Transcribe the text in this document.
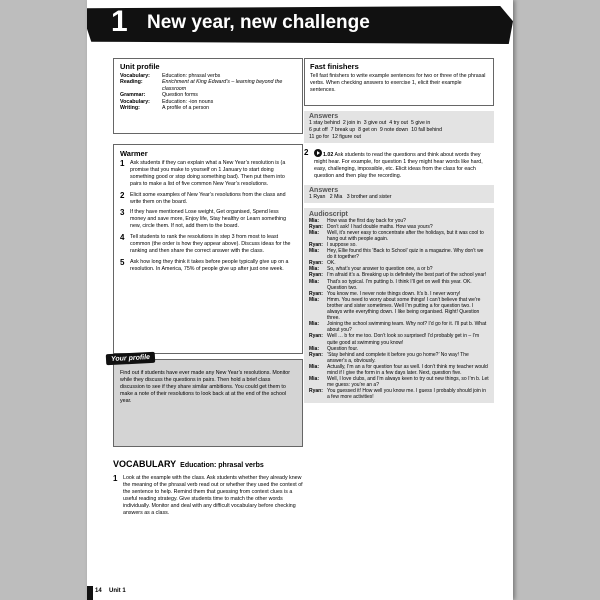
1 New year, new challenge
Unit profile
Vocabulary:	Education: phrasal verbs
Reading:	Enrichment at King Edward’s – learning beyond the classroom
Grammar:	Question forms
Vocabulary:	Education: -ion nouns
Writing:	A profile of a person
Warmer
1	Ask students if they can explain what a New Year’s resolution is (a promise that you make to yourself on 1 January to start doing something good or stop doing something bad). Then put them into pairs to make a list of five common New Year’s resolutions.
2	Elicit some examples of New Year’s resolutions from the class and write them on the board.
3	If they have mentioned Lose weight, Get organised, Spend less money and save more, Enjoy life, Stay healthy or Learn something new, circle them. If not, add them to the board.
4	Tell students to rank the resolutions in step 3 from most to least common (the order is how they appear above). Discuss ideas for the ranking and then share the correct answer with the class.
5	Ask how long they think it takes before people typically give up on a resolution. In America, 75% of people give up after just one week.
Your profile
Find out if students have ever made any New Year’s resolutions. Monitor while they discuss the questions in pairs. Then hold a brief class discussion to see if they share similar ambitions. You could get them to make a note of their resolutions to look back at at the end of the school year.
VOCABULARY Education: phrasal verbs
1	Look at the example with the class. Ask students whether they already knew the meaning of the phrasal verb read out or whether they used the context of the sentence to help. Remind them that guessing from context clues is a useful reading strategy. Give students time to match the other words individually. Monitor and deal with any difficult vocabulary before checking answers as a class.
Fast finishers
Tell fast finishers to write example sentences for two or three of the phrasal verbs. When checking answers to exercise 1, elicit their example sentences.
Answers
1 stay behind 2 join in 3 give out 4 try out 5 give in
6 put off 7 break up 8 get on 9 note down 10 fall behind
11 go for 12 figure out
2	1.02 Ask students to read the questions and think about words they might hear. For example, for question 1 they might hear words like hard, easy, challenging, impossible, etc. Elicit ideas from the class for each question and then play the recording.
Answers
1 Ryan   2 Mia   3 brother and sister
Audioscript
Mia:	How was the first day back for you?
Ryan: Don’t ask! I had double maths. How was yours?
Mia:	Well, it’s never easy to concentrate after the holidays, but it was cool to hang out with people again.
Ryan: I suppose so.
Mia:	Hey, Ellie found this ‘Back to School’ quiz in a magazine. Why don’t we do it together?
Ryan: OK.
Mia:	So, what’s your answer to question one, a or b?
Ryan: I’m afraid it’s a. Breaking up is definitely the best part of the school year!
Mia:	That’s so typical. I’m putting b. I think I’ll get on well this year. OK. Question two.
Ryan: You know me. I never note things down. It’s b. I never worry!
Mia:	Hmm. You need to worry about some things! I can’t believe that we’re brother and sister sometimes. Well I’m putting a for question two. I always write everything down. I like being organised. Right! Question three.
Mia:	Joining the school swimming team. Why not? I’d go for it. I’ll put b. What about you?
Ryan: Well … b for me too. Don’t look so surprised! I’d probably get in – I’m quite good at swimming you know!
Mia:	Question four.
Ryan: ‘Stay behind and complete it before you go home?’ No way! The answer’s a, obviously.
Mia:	Actually, I’m an a for question four as well. I don’t think my teacher would mind if I give the form in a few days later. Next, question five.
Mia:	Well, I love clubs, and I’m always keen to try out new things, so I’m b. Let me guess: you’re an a?
Ryan: You guessed it! How well you know me. I guess I probably should join in a few more activities!
14 Unit 1
